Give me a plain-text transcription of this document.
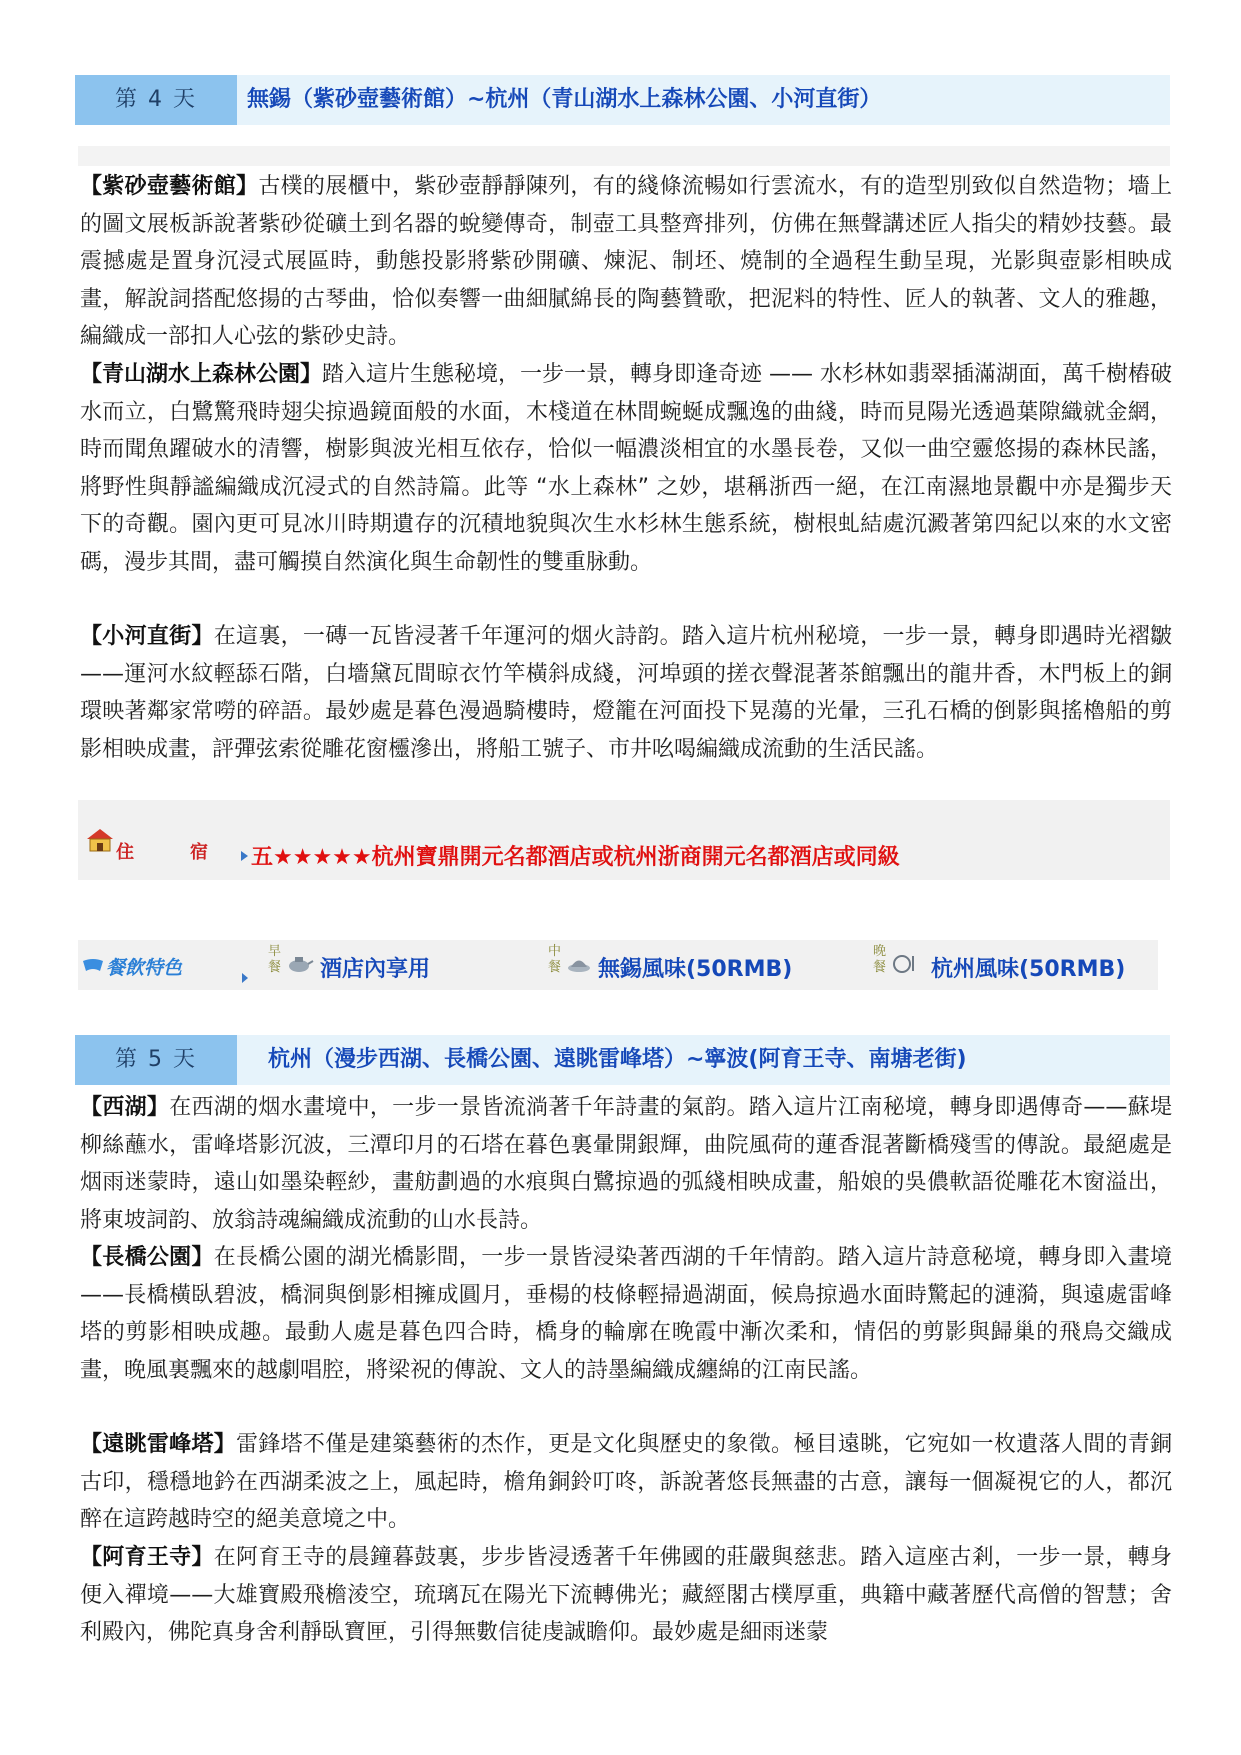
第 4 天	無錫（紫砂壺藝術館）~杭州（青山湖水上森林公園、小河直街）

【紫砂壺藝術館】古樸的展櫃中，紫砂壺靜靜陳列，有的綫條流暢如行雲流水，有的造型別致似自然造物；墻上的圖文展板訴說著紫砂從礦土到名器的蛻變傳奇，制壺工具整齊排列，仿佛在無聲講述匠人指尖的精妙技藝。最震撼處是置身沉浸式展區時，動態投影將紫砂開礦、煉泥、制坯、燒制的全過程生動呈現，光影與壺影相映成畫，解說詞搭配悠揚的古琴曲，恰似奏響一曲細膩綿長的陶藝贊歌，把泥料的特性、匠人的執著、文人的雅趣，編織成一部扣人心弦的紫砂史詩。

【青山湖水上森林公園】踏入這片生態秘境，一步一景，轉身即逢奇迹 —— 水杉林如翡翠插滿湖面，萬千樹樁破水而立，白鷺驚飛時翅尖掠過鏡面般的水面，木棧道在林間蜿蜒成飄逸的曲綫，時而見陽光透過葉隙織就金網，時而聞魚躍破水的清響，樹影與波光相互依存，恰似一幅濃淡相宜的水墨長卷，又似一曲空靈悠揚的森林民謠，將野性與靜謐編織成沉浸式的自然詩篇。此等 “水上森林” 之妙，堪稱浙西一絕，在江南濕地景觀中亦是獨步天下的奇觀。園內更可見冰川時期遺存的沉積地貌與次生水杉林生態系統，樹根虬結處沉澱著第四紀以來的水文密碼，漫步其間，盡可觸摸自然演化與生命韌性的雙重脉動。

【小河直街】在這裏，一磚一瓦皆浸著千年運河的烟火詩韵。踏入這片杭州秘境，一步一景，轉身即遇時光褶皺——運河水紋輕舔石階，白墻黛瓦間晾衣竹竿橫斜成綫，河埠頭的搓衣聲混著茶館飄出的龍井香，木門板上的銅環映著鄰家常嘮的碎語。最妙處是暮色漫過騎樓時，燈籠在河面投下晃蕩的光暈，三孔石橋的倒影與搖櫓船的剪影相映成畫，評彈弦索從雕花窗欞滲出，將船工號子、市井吆喝編織成流動的生活民謠。

住	宿 五★★★★★杭州寶鼎開元名都酒店或杭州浙商開元名都酒店或同級
餐飲特色
早餐 酒店內享用
中餐 無錫風味(50RMB)
晚餐 杭州風味(50RMB)
第 5 天	杭州（漫步西湖、長橋公園、遠眺雷峰塔）~寧波(阿育王寺、南塘老街)

【西湖】在西湖的烟水畫境中，一步一景皆流淌著千年詩畫的氣韵。踏入這片江南秘境，轉身即遇傳奇——蘇堤柳絲蘸水，雷峰塔影沉波，三潭印月的石塔在暮色裏暈開銀輝，曲院風荷的蓮香混著斷橋殘雪的傳說。最絕處是烟雨迷蒙時，遠山如墨染輕紗，畫舫劃過的水痕與白鷺掠過的弧綫相映成畫，船娘的吳儂軟語從雕花木窗溢出，將東坡詞韵、放翁詩魂編織成流動的山水長詩。

【長橋公園】在長橋公園的湖光橋影間，一步一景皆浸染著西湖的千年情韵。踏入這片詩意秘境，轉身即入畫境——長橋橫臥碧波，橋洞與倒影相擁成圓月，垂楊的枝條輕掃過湖面，候鳥掠過水面時驚起的漣漪，與遠處雷峰塔的剪影相映成趣。最動人處是暮色四合時，橋身的輪廓在晚霞中漸次柔和，情侶的剪影與歸巢的飛鳥交織成畫，晚風裏飄來的越劇唱腔，將梁祝的傳說、文人的詩墨編織成纏綿的江南民謠。

【遠眺雷峰塔】雷鋒塔不僅是建築藝術的杰作，更是文化與歷史的象徵。極目遠眺，它宛如一枚遺落人間的青銅古印，穩穩地鈐在西湖柔波之上，風起時，檐角銅鈴叮咚，訴說著悠長無盡的古意，讓每一個凝視它的人，都沉醉在這跨越時空的絕美意境之中。

【阿育王寺】在阿育王寺的晨鐘暮鼓裏，步步皆浸透著千年佛國的莊嚴與慈悲。踏入這座古剎，一步一景，轉身便入禪境——大雄寶殿飛檐淩空，琉璃瓦在陽光下流轉佛光；藏經閣古樸厚重，典籍中藏著歷代高僧的智慧；舍利殿內，佛陀真身舍利靜臥寶匣，引得無數信徒虔誠瞻仰。最妙處是細雨迷蒙
